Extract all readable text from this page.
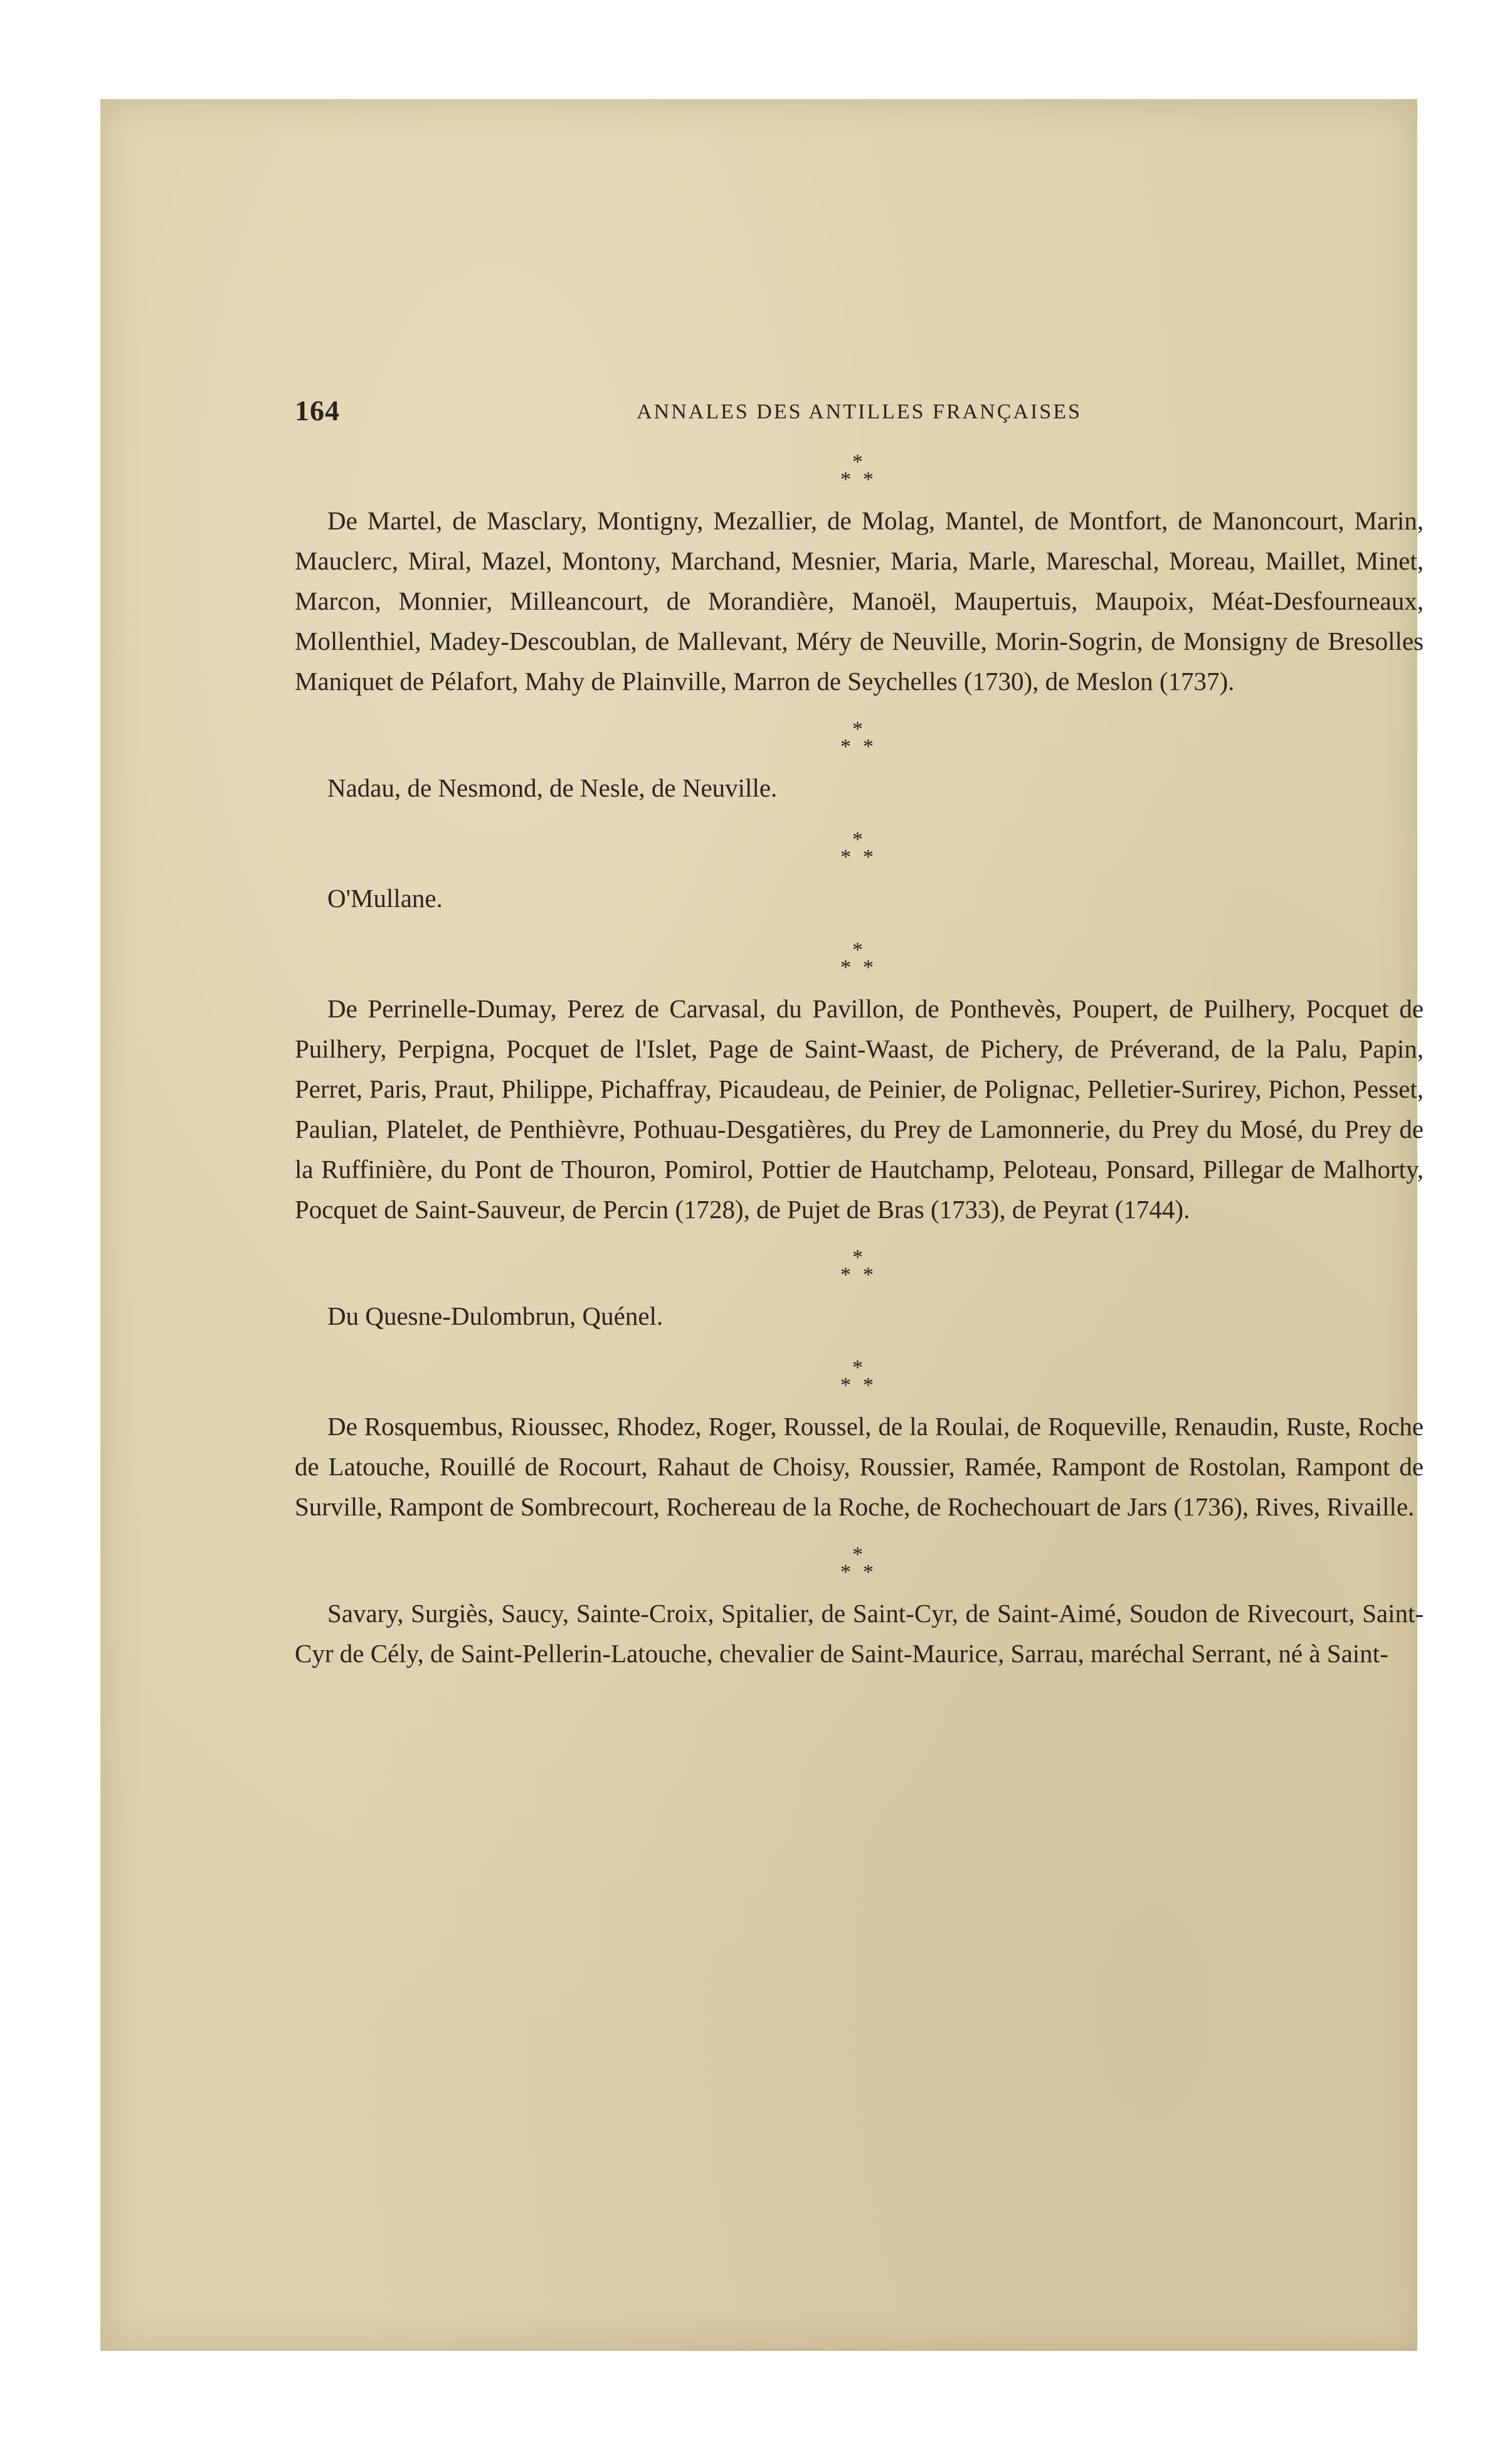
164	ANNALES DES ANTILLES FRANÇAISES
*
* *

De Martel, de Masclary, Montigny, Mezallier, de Molag, Mantel, de Montfort, de Manoncourt, Marin, Mauclerc, Miral, Mazel, Montony, Marchand, Mesnier, Maria, Marle, Mareschal, Moreau, Maillet, Minet, Marcon, Monnier, Milleancourt, de Morandière, Manoël, Maupertuis, Maupoix, Méat-Desfourneaux, Mollenthiel, Madey-Descoublan, de Mallevant, Méry de Neuville, Morin-Sogrin, de Monsigny de Bresolles Maniquet de Pélafort, Mahy de Plainville, Marron de Seychelles (1730), de Meslon (1737).

*
* *

Nadau, de Nesmond, de Nesle, de Neuville.

*
* *

O'Mullane.

*
* *

De Perrinelle-Dumay, Perez de Carvasal, du Pavillon, de Ponthevès, Poupert, de Puilhery, Pocquet de Puilhery, Perpigna, Pocquet de l'Islet, Page de Saint-Waast, de Pichery, de Préverand, de la Palu, Papin, Perret, Paris, Praut, Philippe, Pichaffray, Picaudeau, de Peinier, de Polignac, Pelletier-Surirey, Pichon, Pesset, Paulian, Platelet, de Penthièvre, Pothuau-Desgatières, du Prey de Lamonnerie, du Prey du Mosé, du Prey de la Ruffinière, du Pont de Thouron, Pomirol, Pottier de Hautchamp, Peloteau, Ponsard, Pillegar de Malhorty, Pocquet de Saint-Sauveur, de Percin (1728), de Pujet de Bras (1733), de Peyrat (1744).

*
* *

Du Quesne-Dulombrun, Quénel.

*
* *

De Rosquembus, Rioussec, Rhodez, Roger, Roussel, de la Roulai, de Roqueville, Renaudin, Ruste, Roche de Latouche, Rouillé de Rocourt, Rahaut de Choisy, Roussier, Ramée, Rampont de Rostolan, Rampont de Surville, Rampont de Sombrecourt, Rochereau de la Roche, de Rochechouart de Jars (1736), Rives, Rivaille.

*
* *

Savary, Surgiès, Saucy, Sainte-Croix, Spitalier, de Saint-Cyr, de Saint-Aimé, Soudon de Rivecourt, Saint-Cyr de Cély, de Saint-Pellerin-Latouche, chevalier de Saint-Maurice, Sarrau, maréchal Serrant, né à Saint-
